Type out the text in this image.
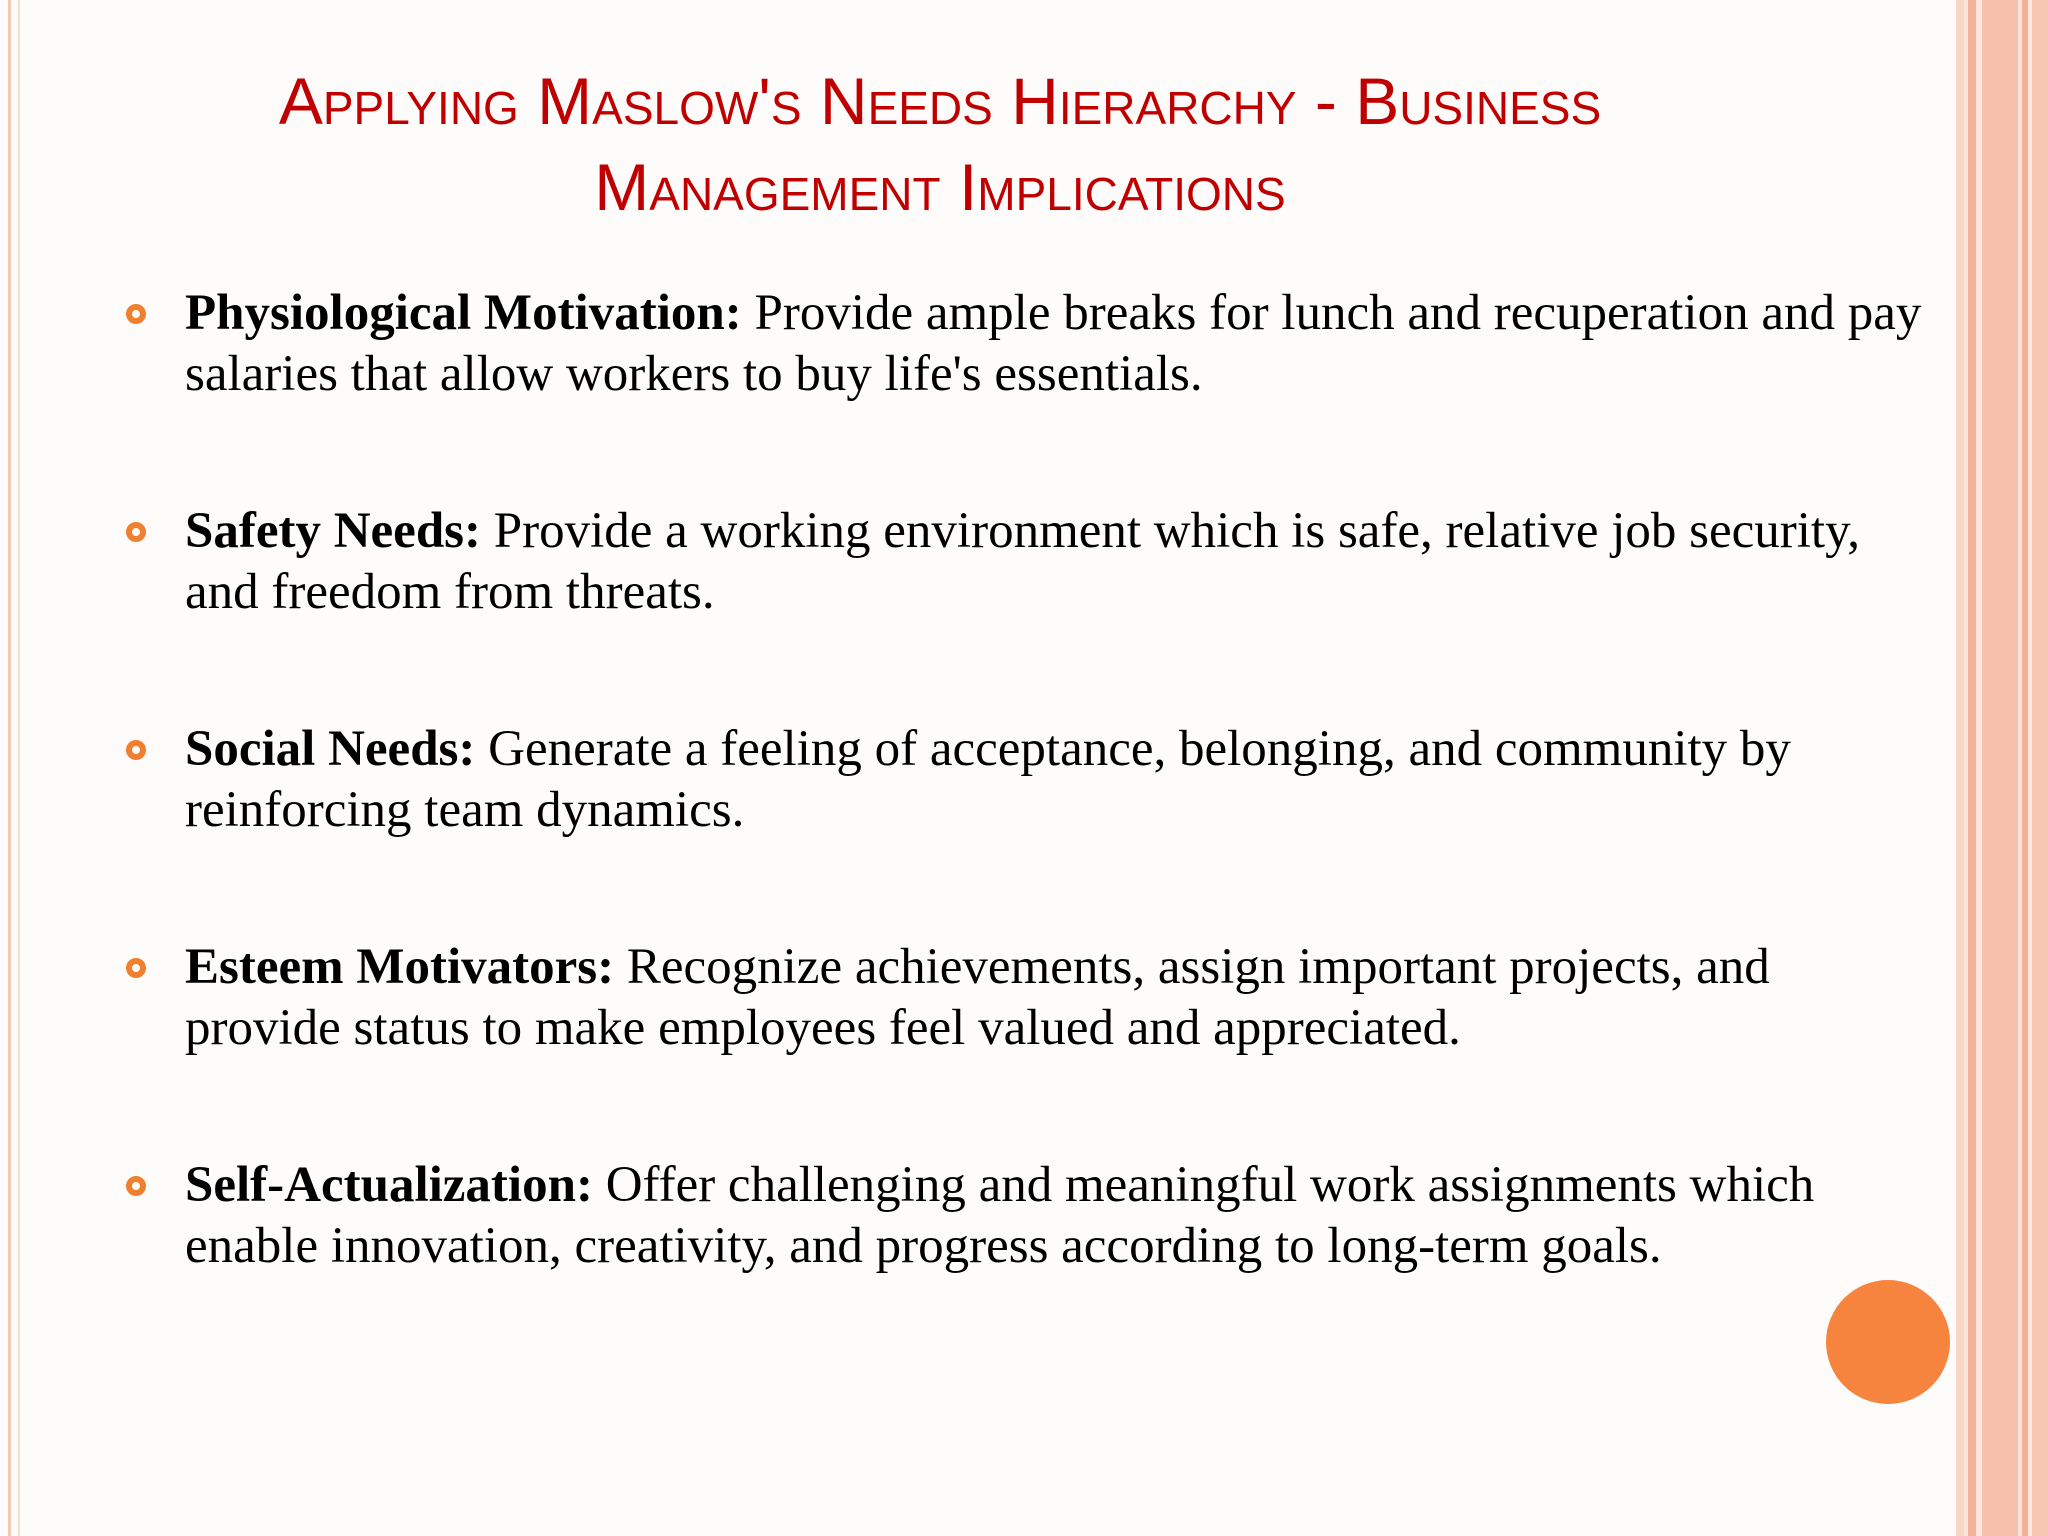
Applying Maslow's Needs Hierarchy - Business Management Implications
Physiological Motivation: Provide ample breaks for lunch and recuperation and pay salaries that allow workers to buy life's essentials.
Safety Needs: Provide a working environment which is safe, relative job security, and freedom from threats.
Social Needs: Generate a feeling of acceptance, belonging, and community by reinforcing team dynamics.
Esteem Motivators: Recognize achievements, assign important projects, and provide status to make employees feel valued and appreciated.
Self-Actualization: Offer challenging and meaningful work assignments which enable innovation, creativity, and progress according to long-term goals.
